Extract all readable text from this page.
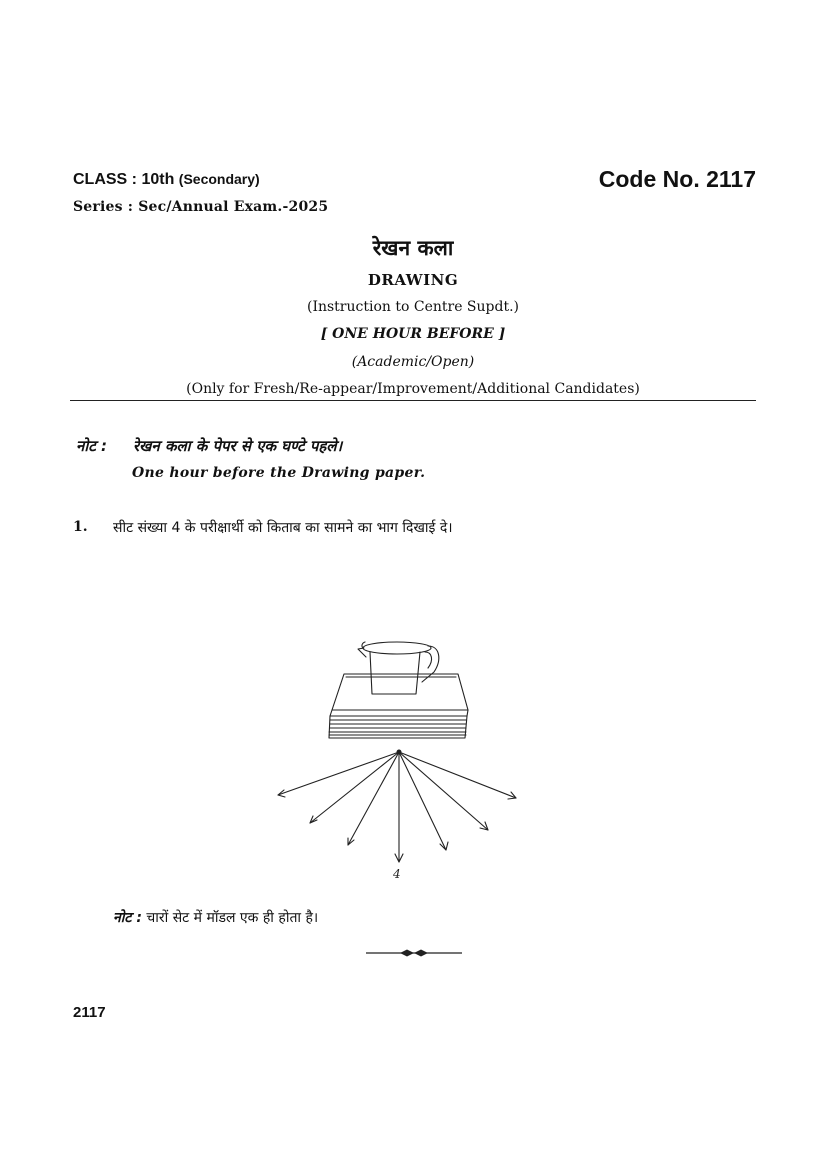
CLASS : 10th (Secondary)	Code No. 2117
Series : Sec/Annual Exam.-2025
रेखन कला
DRAWING
(Instruction to Centre Supdt.)
[ ONE HOUR BEFORE ]
(Academic/Open)
(Only for Fresh/Re-appear/Improvement/Additional Candidates)
नोट : रेखन कला के पेपर से एक घण्टे पहले।
One hour before the Drawing paper.
1. सीट संख्या 4 के परीक्षार्थी को किताब का सामने का भाग दिखाई दे।
4
नोट : चारों सेट में मॉडल एक ही होता है।
2117
